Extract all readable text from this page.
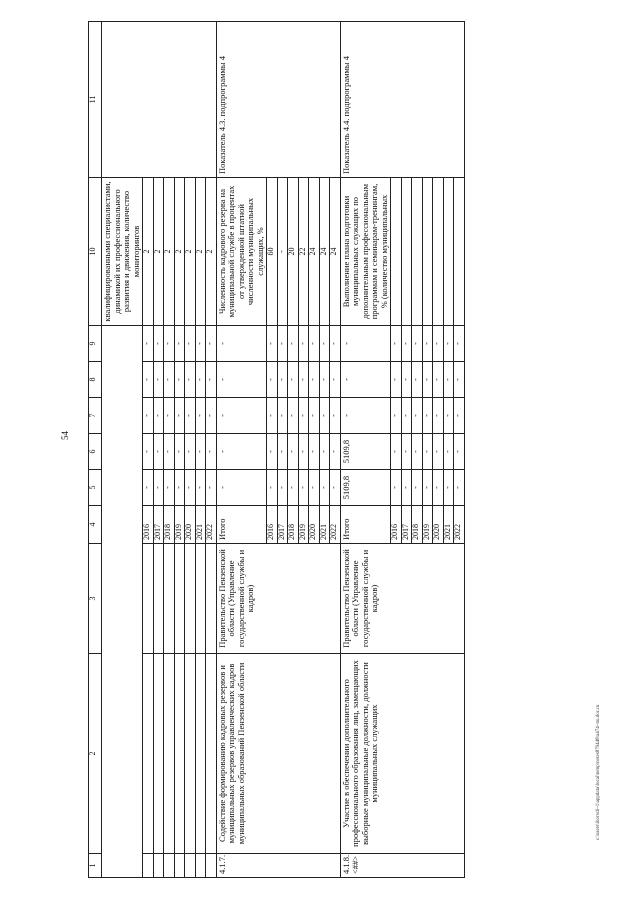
54
1	2	3	4	5	6	7	8	9	10	11
									квалифицированными специалистами, динамикой их профессионального развития и движения, количество мониторингов	
			2016	-	-	-	-	-	2	
			2017	-	-	-	-	-	2	
			2018	-	-	-	-	-	2	
			2019	-	-	-	-	-	2	
			2020	-	-	-	-	-	2	
			2021	-	-	-	-	-	2	
			2022	-	-	-	-	-	2	

4.1.7.	Содействие формированию кадровых резервов и муниципальных резервов управленческих кадров муниципальных образований Пензенской области	Правительство Пензенской области (Управление государственной службы и кадров)	Итого	-	-	-	-	-	Численность кадрового резерва на муниципальной службе в процентах от утвержденной штатной численности муниципальных служащих, %	Показатель 4.3. подпрограммы 4
			2016	-	-	-	-	-	60	
			2017	-	-	-	-	-	-	
			2018	-	-	-	-	-	20	
			2019	-	-	-	-	-	22	
			2020	-	-	-	-	-	24	
			2021	-	-	-	-	-	24	
			2022	-	-	-	-	-	24	

4.1.8. <##>	Участие в обеспечении дополнительного профессионального образования лиц, замещающих выборные муниципальные должности, должности муниципальных служащих	Правительство Пензенской области (Управление государственной службы и кадров)	Итого	5109,8	5109,8	-	-	-	Выполнение плана подготовки муниципальных служащих по дополнительным профессиональным программам и семинарам-тренингам, % (количество муниципальных	Показатель 4.4. подпрограммы 4
			2016	-	-	-	-	-		
			2017	-	-	-	-	-		
			2018	-	-	-	-	-		
			2019	-	-	-	-	-		
			2020	-	-	-	-	-		
			2021	-	-	-	-	-		
			2022	-	-	-	-	-		
c:\users\iborodi~1\appdata\local\temp\notes879448\a474~nu.doc.ru
